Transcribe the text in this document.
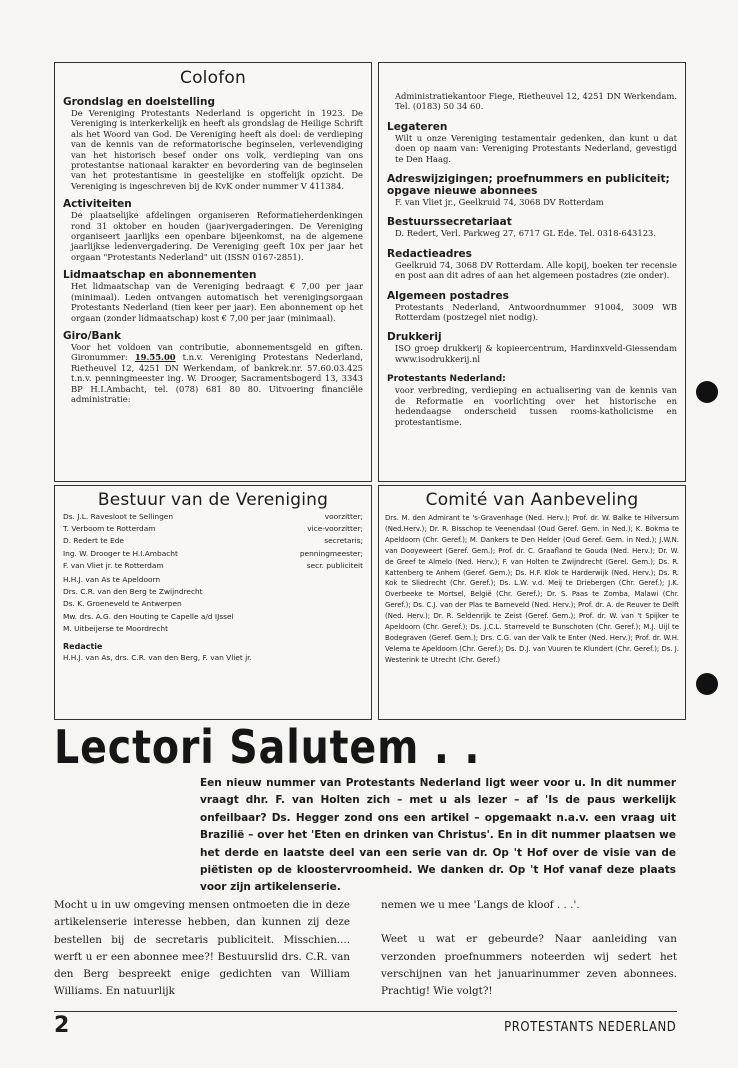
Colofon
Grondslag en doelstelling

De Vereniging Protestants Nederland is opgericht in 1923. De Vereniging is interkerkelijk en heeft als grondslag de Heilige Schrift als het Woord van God. De Vereniging heeft als doel: de verdieping van de kennis van de reformatorische beginselen, verlevendiging van het historisch besef onder ons volk, verdieping van ons protestantse nationaal karakter en bevordering van de beginselen van het protestantisme in geestelijke en stoffelijk opzicht. De Vereniging is ingeschreven bij de KvK onder nummer V 411384.

Activiteiten

De plaatselijke afdelingen organiseren Reformatieherdenkingen rond 31 oktober en houden (jaar)vergaderingen. De Vereniging organiseert jaarlijks een openbare bijeenkomst, na de algemene jaarlijkse ledenvergadering. De Vereniging geeft 10x per jaar het orgaan "Protestants Nederland" uit (ISSN 0167-2851).

Lidmaatschap en abonnementen

Het lidmaatschap van de Vereniging bedraagt € 7,00 per jaar (minimaal). Leden ontvangen automatisch het verenigingsorgaan Protestants Nederland (tien keer per jaar). Een abonnement op het orgaan (zonder lidmaatschap) kost € 7,00 per jaar (minimaal).

Giro/Bank

Voor het voldoen van contributie, abonnementsgeld en giften. Gironummer: 19.55.00 t.n.v. Vereniging Protestans Nederland, Rietheuvel 12, 4251 DN Werkendam, of bankrek.nr. 57.60.03.425 t.n.v. penningmeester ing. W. Drooger, Sacramentsbogerd 13, 3343 BP H.I.Ambacht, tel. (078) 681 80 80. Uitvoering financiële administratie:

Administratiekantoor Fiege, Rietheuvel 12, 4251 DN Werkendam. Tel. (0183) 50 34 60.

Legateren

Wilt u onze Vereniging testamentair gedenken, dan kunt u dat doen op naam van: Vereniging Protestants Nederland, gevestigd te Den Haag.

Adreswijzigingen; proefnummers en publiciteit; opgave nieuwe abonnees

F. van Vliet jr., Geelkruid 74, 3068 DV Rotterdam

Bestuurssecretariaat

D. Redert, Verl. Parkweg 27, 6717 GL Ede. Tel. 0318-643123.

Redactieadres

Geelkruid 74, 3068 DV Rotterdam. Alle kopij, boeken ter recensie en post aan dit adres of aan het algemeen postadres (zie onder).

Algemeen postadres

Protestants Nederland, Antwoordnummer 91004, 3009 WB Rotterdam (postzegel niet nodig).

Drukkerij

ISO groep drukkerij & kopieercentrum, Hardinxveld-Giessendam www.isodrukkerij.nl

Protestants Nederland:

voor verbreding, verdieping en actualisering van de kennis van de Reformatie en voorlichting over het historische en hedendaagse onderscheid tussen rooms-katholicisme en protestantisme.

Bestuur van de Vereniging
Ds. J.L. Ravesloot te Sellingen	voorzitter;
T. Verboom te Rotterdam	vice-voorzitter;
D. Redert te Ede	secretaris;
Ing. W. Drooger te H.I.Ambacht	penningmeester;
F. van Vliet jr. te Rotterdam	secr. publiciteit
H.H.J. van As te Apeldoorn
Drs. C.R. van den Berg te Zwijndrecht
Ds. K. Groeneveld te Antwerpen
Mw. drs. A.G. den Houting te Capelle a/d IJssel
M. Uitbeijerse te Moordrecht
Redactie
H.H.J. van As, drs. C.R. van den Berg, F. van Vliet jr.
Comité van Aanbeveling
Drs. M. den Admirant te 's-Gravenhage (Ned. Herv.); Prof. dr. W. Balke te Hilversum (Ned.Herv.); Dr. R. Bisschop te Veenendaal (Oud Geref. Gem. in Ned.); K. Bokma te Apeldoorn (Chr. Geref.); M. Dankers te Den Helder (Oud Geref. Gem. in Ned.); J.W.N. van Dooyeweert (Geref. Gem.); Prof. dr. C. Graafland te Gouda (Ned. Herv.); Dr. W. de Greef te Almelo (Ned. Herv.); F. van Holten te Zwijndrecht (Gerel. Gem.); Ds. R. Kattenberg te Anhem (Geref. Gem.); Ds. H.F. Klok te Harderwijk (Ned. Herv.); Ds. R. Kok te Sliedrecht (Chr. Geref.); Ds. L.W. v.d. Meij te Driebergen (Chr. Geref.); J.K. Overbeeke te Mortsel, België (Chr. Geref.); Dr. S. Paas te Zomba, Malawi (Chr. Geref.); Ds. C.J. van der Plas te Barneveld (Ned. Herv.); Prof. dr. A. de Reuver te Delft (Ned. Herv.); Dr. R. Seldenrijk te Zeist (Geref. Gem.); Prof. dr. W. van 't Spijker te Apeldoorn (Chr. Geref.); Ds. J.C.L. Starreveld te Bunschoten (Chr. Geref.); M.J. Uijl te Bodegraven (Geref. Gem.); Drs. C.G. van der Valk te Enter (Ned. Herv.); Prof. dr. W.H. Velema te Apeldoorn (Chr. Geref.); Ds. D.J. van Vuuren te Klundert (Chr. Geref.); Ds. J. Westerink te Utrecht (Chr. Geref.)
Lectori Salutem . .
Een nieuw nummer van Protestants Nederland ligt weer voor u. In dit nummer vraagt dhr. F. van Holten zich – met u als lezer – af 'Is de paus werkelijk onfeilbaar? Ds. Hegger zond ons een artikel – opgemaakt n.a.v. een vraag uit Brazilië – over het 'Eten en drinken van Christus'. En in dit nummer plaatsen we het derde en laatste deel van een serie van dr. Op 't Hof over de visie van de piëtisten op de kloostervroomheid. We danken dr. Op 't Hof vanaf deze plaats voor zijn artikelenserie.

Mocht u in uw omgeving mensen ontmoeten die in deze artikelenserie interesse hebben, dan kunnen zij deze bestellen bij de secretaris publiciteit. Misschien.... werft u er een abonnee mee?! Bestuurslid drs. C.R. van den Berg bespreekt enige gedichten van William Williams. En natuurlijk

nemen we u mee 'Langs de kloof . . .'.

Weet u wat er gebeurde? Naar aanleiding van verzonden proefnummers noteerden wij sedert het verschijnen van het januarinummer zeven abonnees. Prachtig! Wie volgt?!

2	PROTESTANTS NEDERLAND
